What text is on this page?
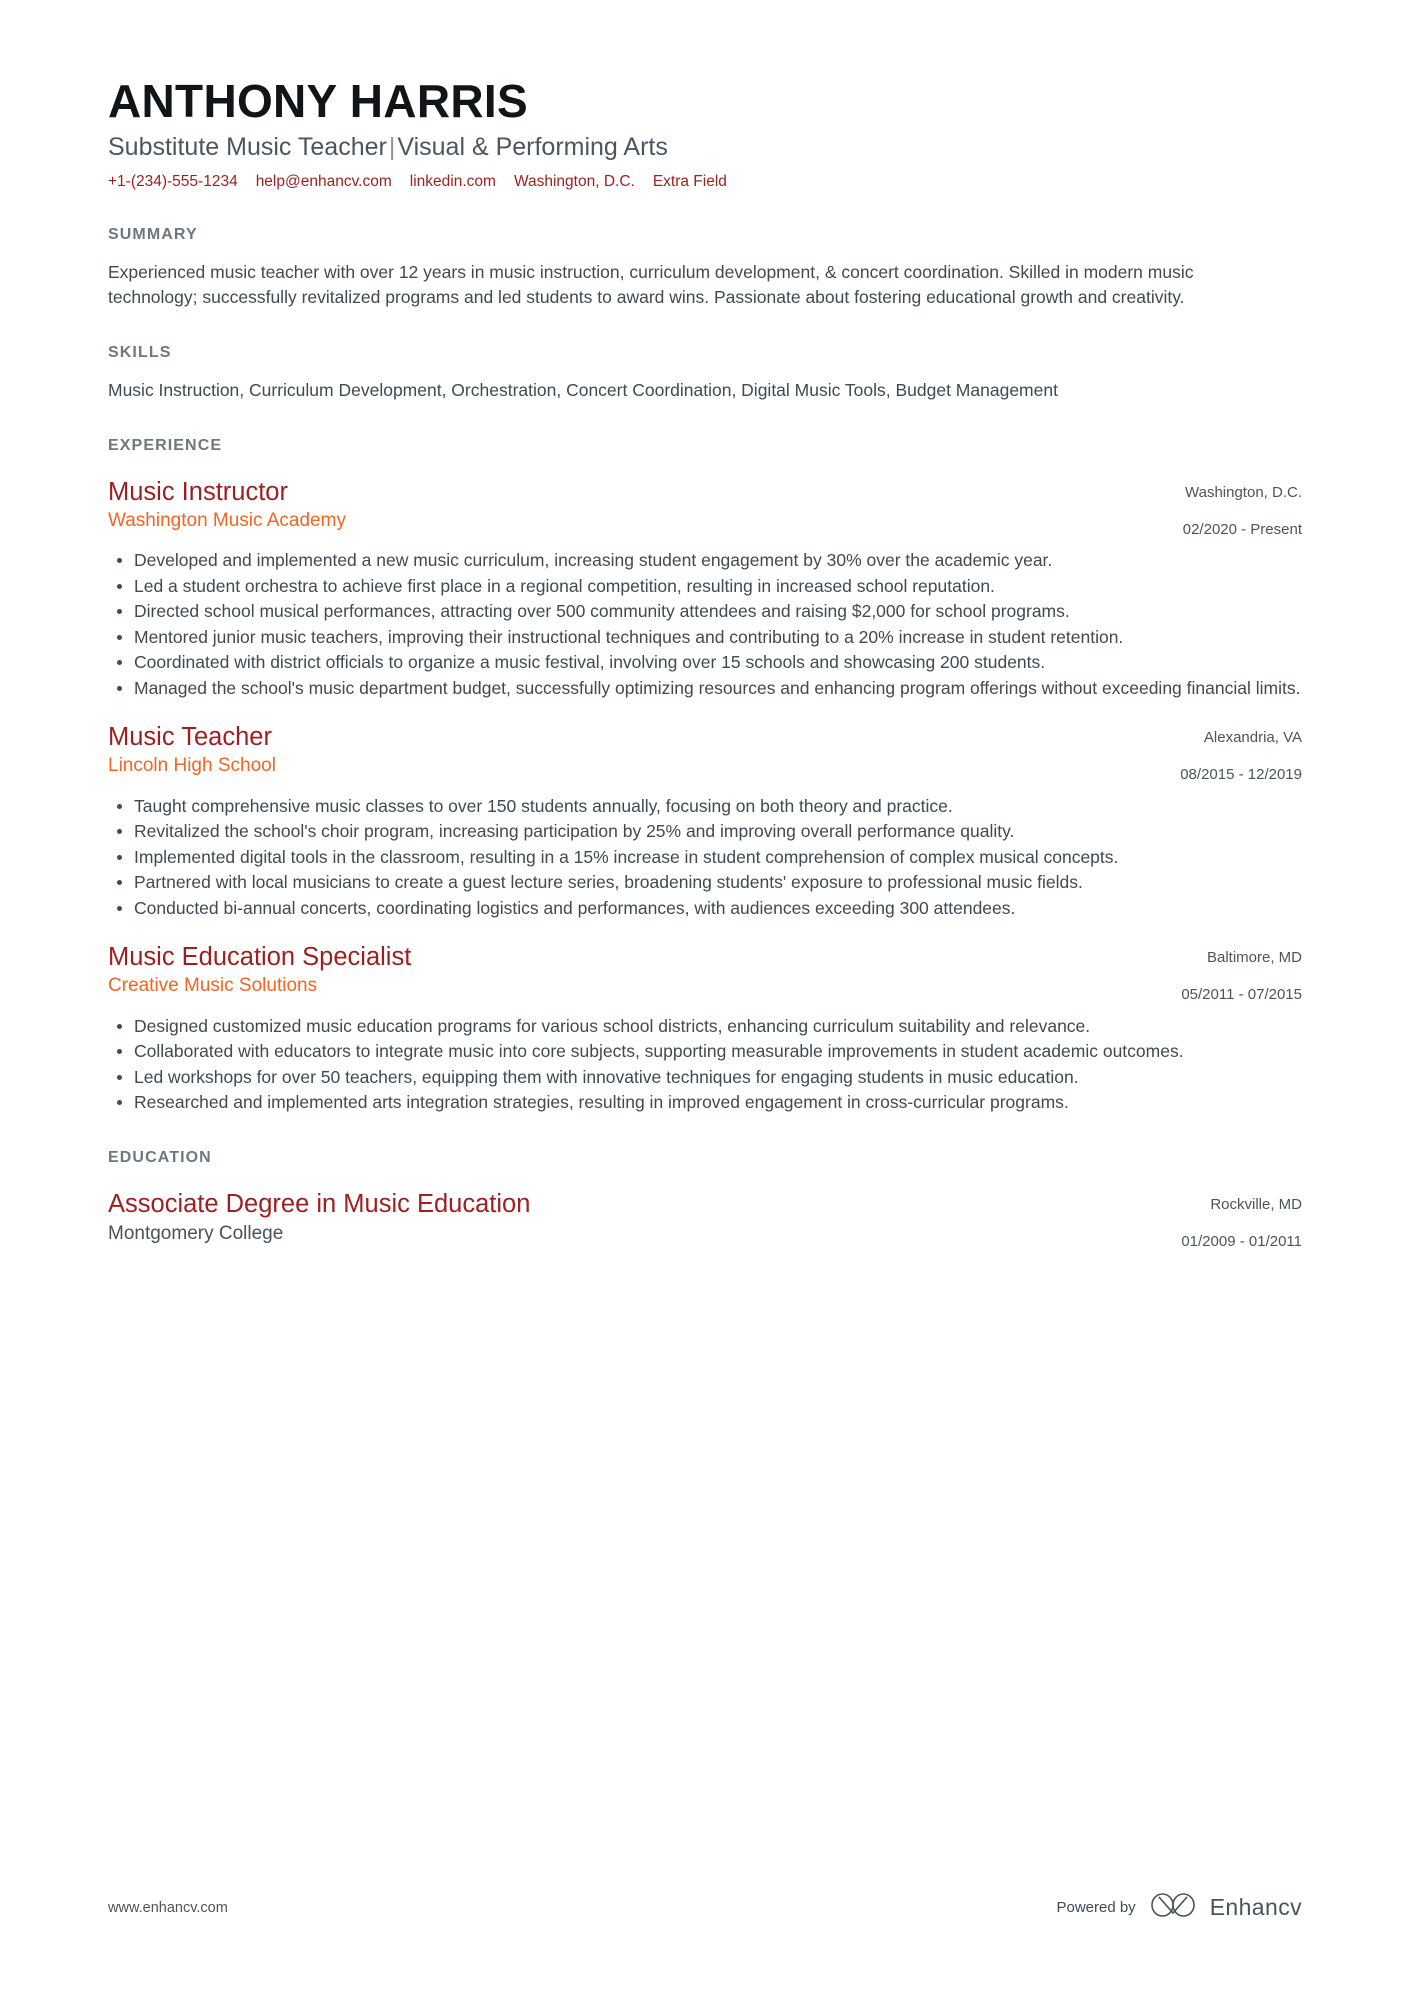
ANTHONY HARRIS
Substitute Music Teacher|Visual & Performing Arts
+1-(234)-555-1234 help@enhancv.com linkedin.com Washington, D.C. Extra Field
SUMMARY

Experienced music teacher with over 12 years in music instruction, curriculum development, & concert coordination. Skilled in modern music technology; successfully revitalized programs and led students to award wins. Passionate about fostering educational growth and creativity.

SKILLS

Music Instruction, Curriculum Development, Orchestration, Concert Coordination, Digital Music Tools, Budget Management

EXPERIENCE
Music Instructor
Washington Music Academy
Washington, D.C.
02/2020 - Present
Developed and implemented a new music curriculum, increasing student engagement by 30% over the academic year.
Led a student orchestra to achieve first place in a regional competition, resulting in increased school reputation.
Directed school musical performances, attracting over 500 community attendees and raising $2,000 for school programs.
Mentored junior music teachers, improving their instructional techniques and contributing to a 20% increase in student retention.
Coordinated with district officials to organize a music festival, involving over 15 schools and showcasing 200 students.
Managed the school's music department budget, successfully optimizing resources and enhancing program offerings without exceeding financial limits.
Music Teacher
Lincoln High School
Alexandria, VA
08/2015 - 12/2019
Taught comprehensive music classes to over 150 students annually, focusing on both theory and practice.
Revitalized the school's choir program, increasing participation by 25% and improving overall performance quality.
Implemented digital tools in the classroom, resulting in a 15% increase in student comprehension of complex musical concepts.
Partnered with local musicians to create a guest lecture series, broadening students' exposure to professional music fields.
Conducted bi-annual concerts, coordinating logistics and performances, with audiences exceeding 300 attendees.
Music Education Specialist
Creative Music Solutions
Baltimore, MD
05/2011 - 07/2015
Designed customized music education programs for various school districts, enhancing curriculum suitability and relevance.
Collaborated with educators to integrate music into core subjects, supporting measurable improvements in student academic outcomes.
Led workshops for over 50 teachers, equipping them with innovative techniques for engaging students in music education.
Researched and implemented arts integration strategies, resulting in improved engagement in cross-curricular programs.
EDUCATION
Associate Degree in Music Education
Montgomery College
Rockville, MD
01/2009 - 01/2011
www.enhancv.com	Powered by	Enhancv
